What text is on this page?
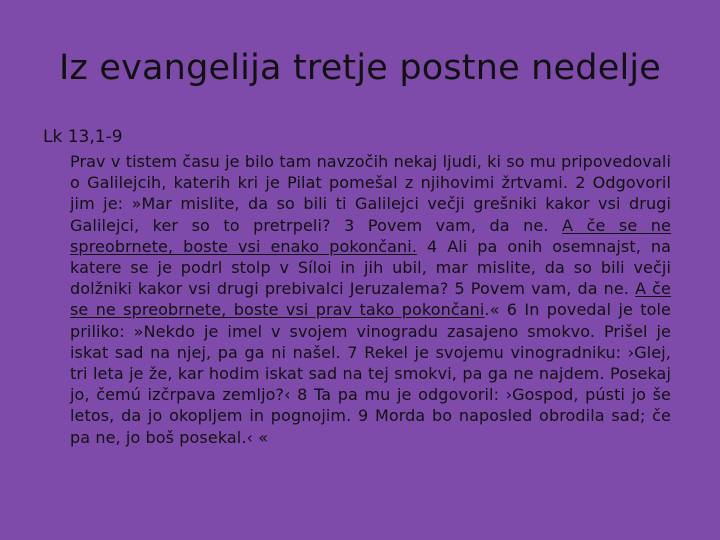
Iz evangelija tretje postne nedelje

Lk 13,1-9

Prav v tistem času je bilo tam navzočih nekaj ljudi, ki so mu pripovedovali o Galilejcih, katerih kri je Pilat pomešal z njihovimi žrtvami. 2 Odgovoril jim je: »Mar mislite, da so bili ti Galilejci večji grešniki kakor vsi drugi Galilejci, ker so to pretrpeli? 3 Povem vam, da ne. A če se ne spreobrnete, boste vsi enako pokončani. 4 Ali pa onih osemnajst, na katere se je podrl stolp v Síloi in jih ubil, mar mislite, da so bili večji dolžniki kakor vsi drugi prebivalci Jeruzalema? 5 Povem vam, da ne. A če se ne spreobrnete, boste vsi prav tako pokončani.« 6 In povedal je tole priliko: »Nekdo je imel v svojem vinogradu zasajeno smokvo. Prišel je iskat sad na njej, pa ga ni našel. 7 Rekel je svojemu vinogradniku: ›Glej, tri leta je že, kar hodim iskat sad na tej smokvi, pa ga ne najdem. Posekaj jo, čemú izčrpava zemljo?‹ 8 Ta pa mu je odgovoril: ›Gospod, pústi jo še letos, da jo okopljem in pognojim. 9 Morda bo naposled obrodila sad; če pa ne, jo boš posekal.‹ «
